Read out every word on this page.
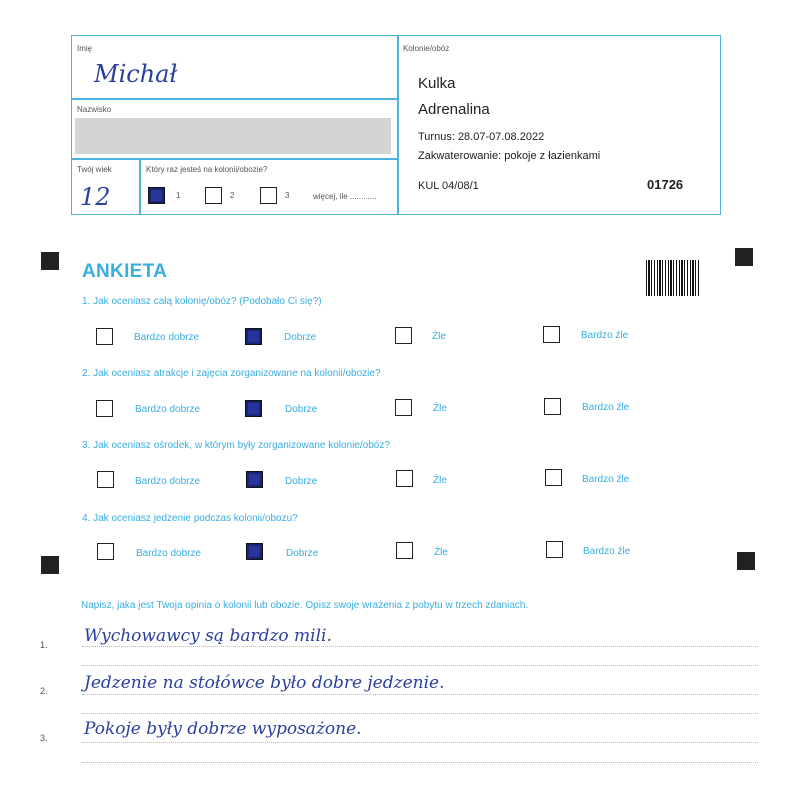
Imię
Michał
Nazwisko
Twój wiek
12
Który raz jesteś na kolonii/obozie?
1	2	3	więcej, ile ............
Kolonie/obóz
Kulka
Adrenalina
Turnus: 28.07-07.08.2022
Zakwaterowanie: pokoje z łazienkami
KUL 04/08/1	01726
ANKIETA
1. Jak oceniasz całą kolonię/obóz? (Podobało Ci się?)
Bardzo dobrze	Dobrze	Źle	Bardzo źle
2. Jak oceniasz atrakcje i zajęcia zorganizowane na kolonii/obozie?
Bardzo dobrze	Dobrze	Źle	Bardzo źle
3. Jak oceniasz ośrodek, w którym były zorganizowane kolonie/obóz?
Bardzo dobrze	Dobrze	Źle	Bardzo źle
4. Jak oceniasz jedzenie podczas kolonii/obozu?
Bardzo dobrze	Dobrze	Źle	Bardzo źle
Napisz, jaka jest Twoja opinia o kolonii lub obozie. Opisz swoje wrażenia z pobytu w trzech zdaniach.
1. Wychowawcy są bardzo mili.
2. Jedzenie na stołówce było dobre jedzenie.
3. Pokoje były dobrze wyposażone.
